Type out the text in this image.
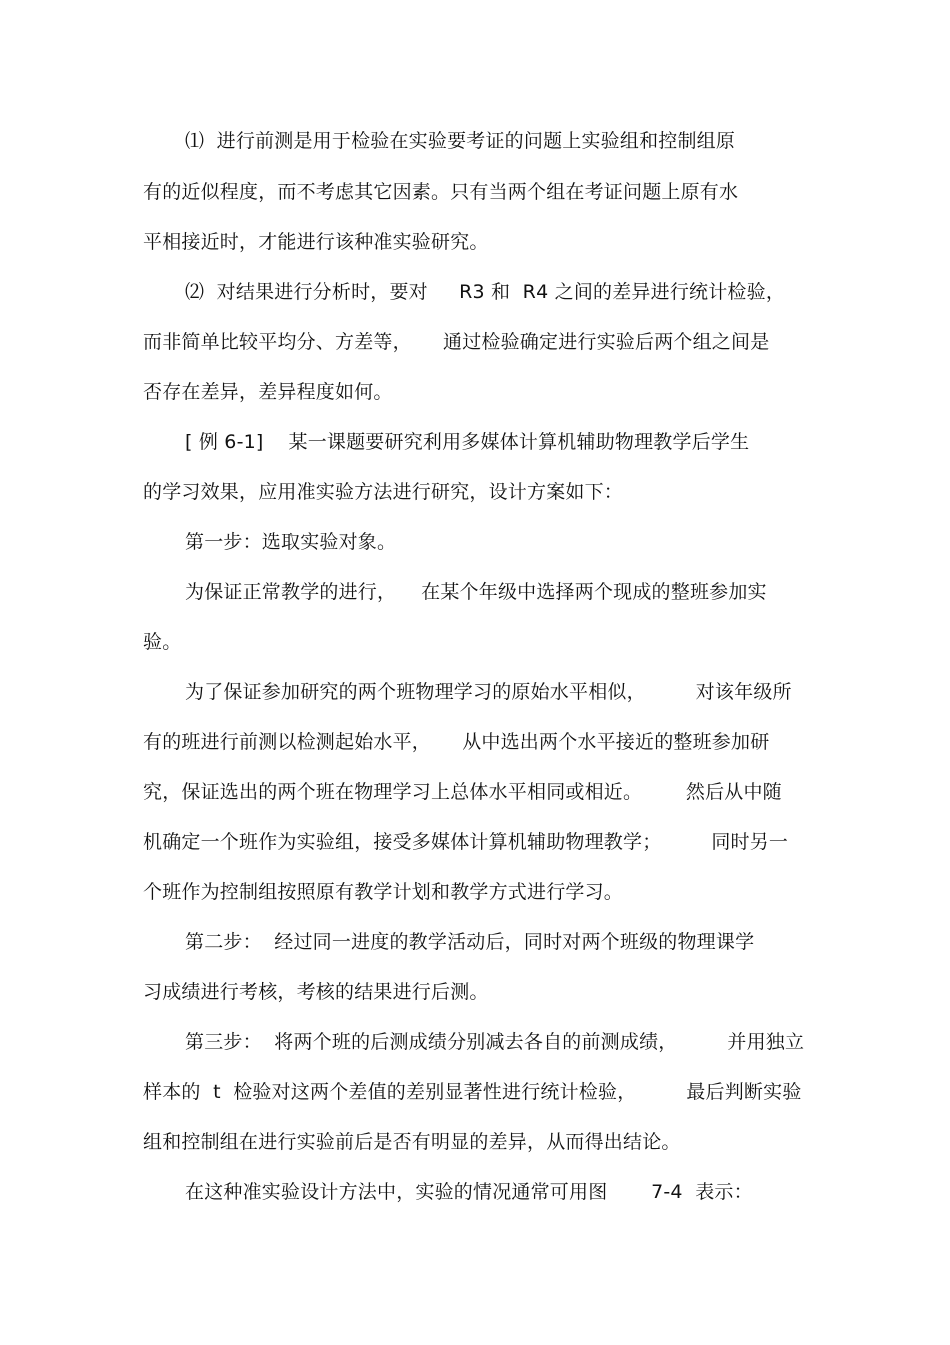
⑴  进行前测是用于检验在实验要考证的问题上实验组和控制组原
有的近似程度，而不考虑其它因素。只有当两个组在考证问题上原有水
平相接近时，才能进行该种准实验研究。
⑵  对结果进行分析时，要对     R3 和  R4 之间的差异进行统计检验，
而非简单比较平均分、方差等，     通过检验确定进行实验后两个组之间是
否存在差异，差异程度如何。
[ 例 6-1]    某一课题要研究利用多媒体计算机辅助物理教学后学生
的学习效果，应用准实验方法进行研究，设计方案如下：
第一步：选取实验对象。
为保证正常教学的进行，    在某个年级中选择两个现成的整班参加实
验。
为了保证参加研究的两个班物理学习的原始水平相似，        对该年级所
有的班进行前测以检测起始水平，     从中选出两个水平接近的整班参加研
究，保证选出的两个班在物理学习上总体水平相同或相近。       然后从中随
机确定一个班作为实验组，接受多媒体计算机辅助物理教学；        同时另一
个班作为控制组按照原有教学计划和教学方式进行学习。
第二步：  经过同一进度的教学活动后，同时对两个班级的物理课学
习成绩进行考核，考核的结果进行后测。
第三步：  将两个班的后测成绩分别减去各自的前测成绩，        并用独立
样本的  t  检验对这两个差值的差别显著性进行统计检验，        最后判断实验
组和控制组在进行实验前后是否有明显的差异，从而得出结论。
在这种准实验设计方法中，实验的情况通常可用图       7-4  表示：
